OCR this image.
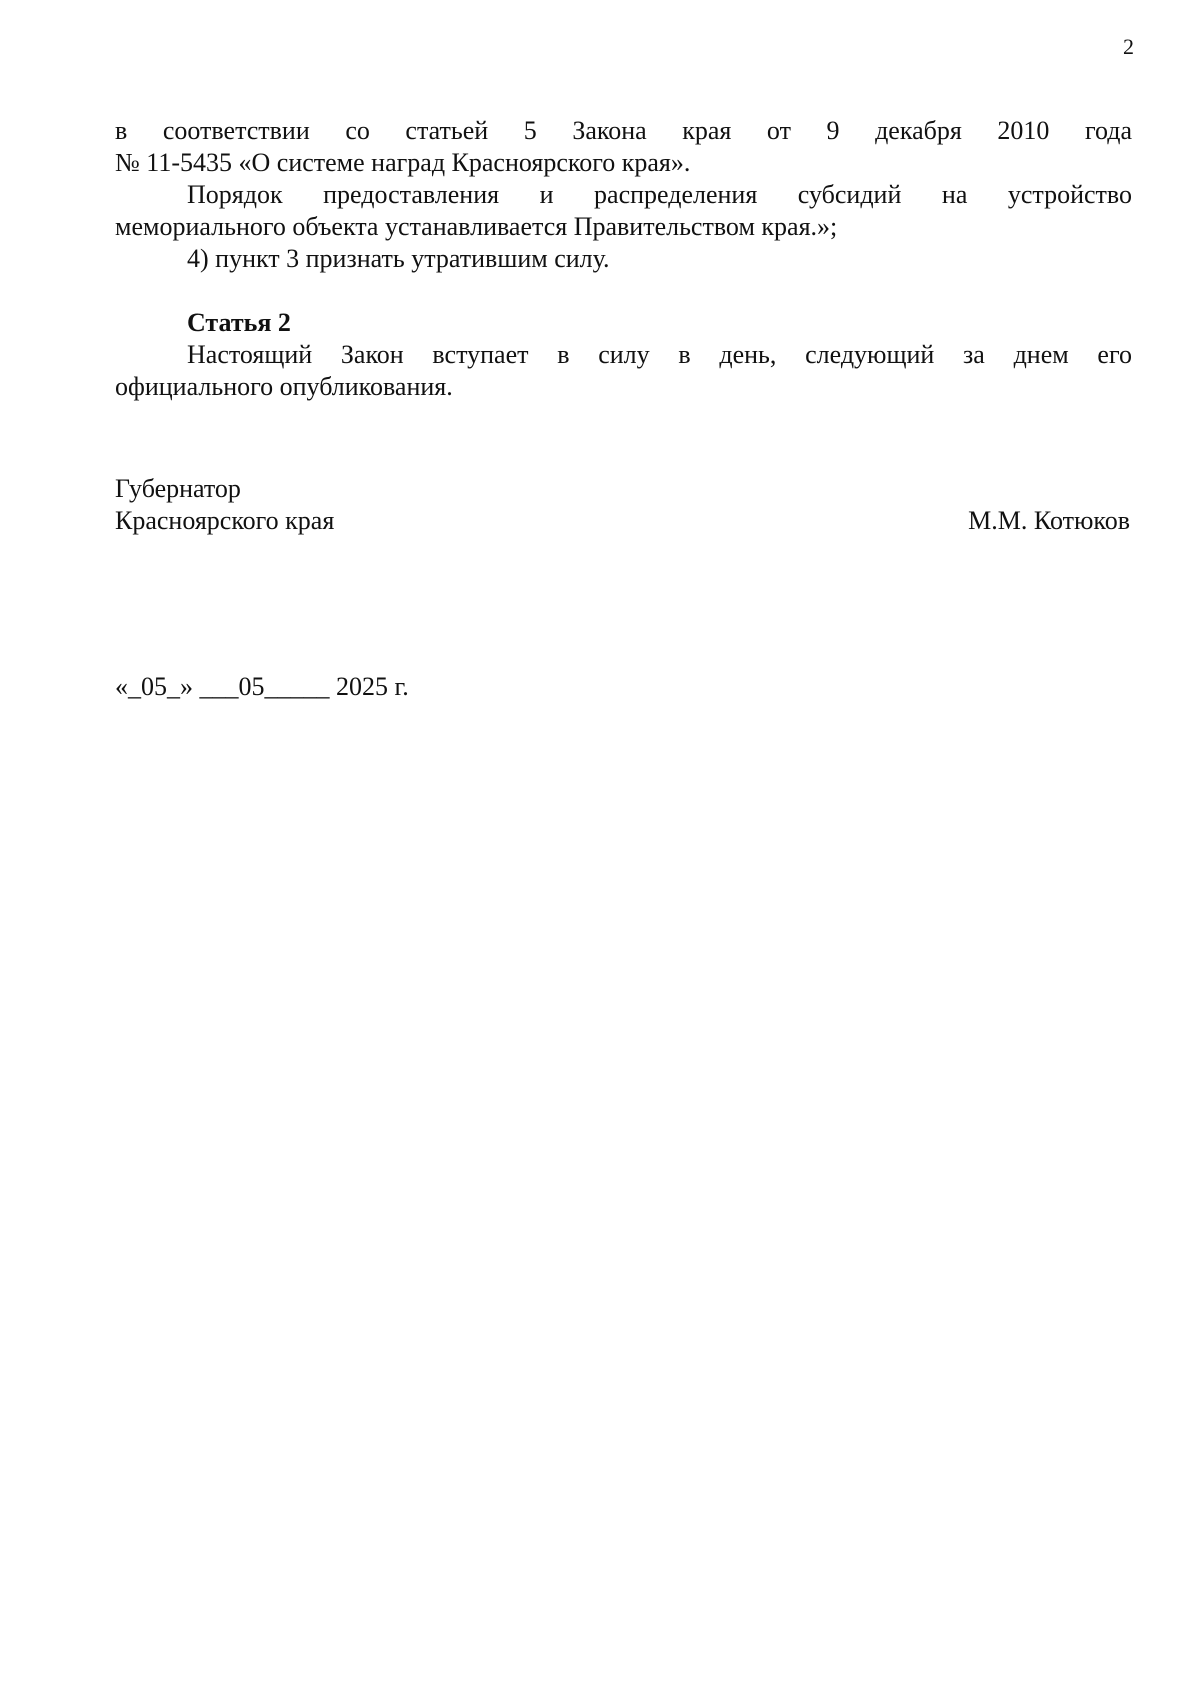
2
в соответствии со статьей 5 Закона края от 9 декабря 2010 года
№ 11-5435 «О системе наград Красноярского края».
Порядок предоставления и распределения субсидий на устройство
мемориального объекта устанавливается Правительством края.»;
4) пункт 3 признать утратившим силу.
Статья 2
Настоящий Закон вступает в силу в день, следующий за днем его
официального опубликования.
Губернатор
Красноярского края	М.М. Котюков
«_05_» ___05_____ 2025 г.
